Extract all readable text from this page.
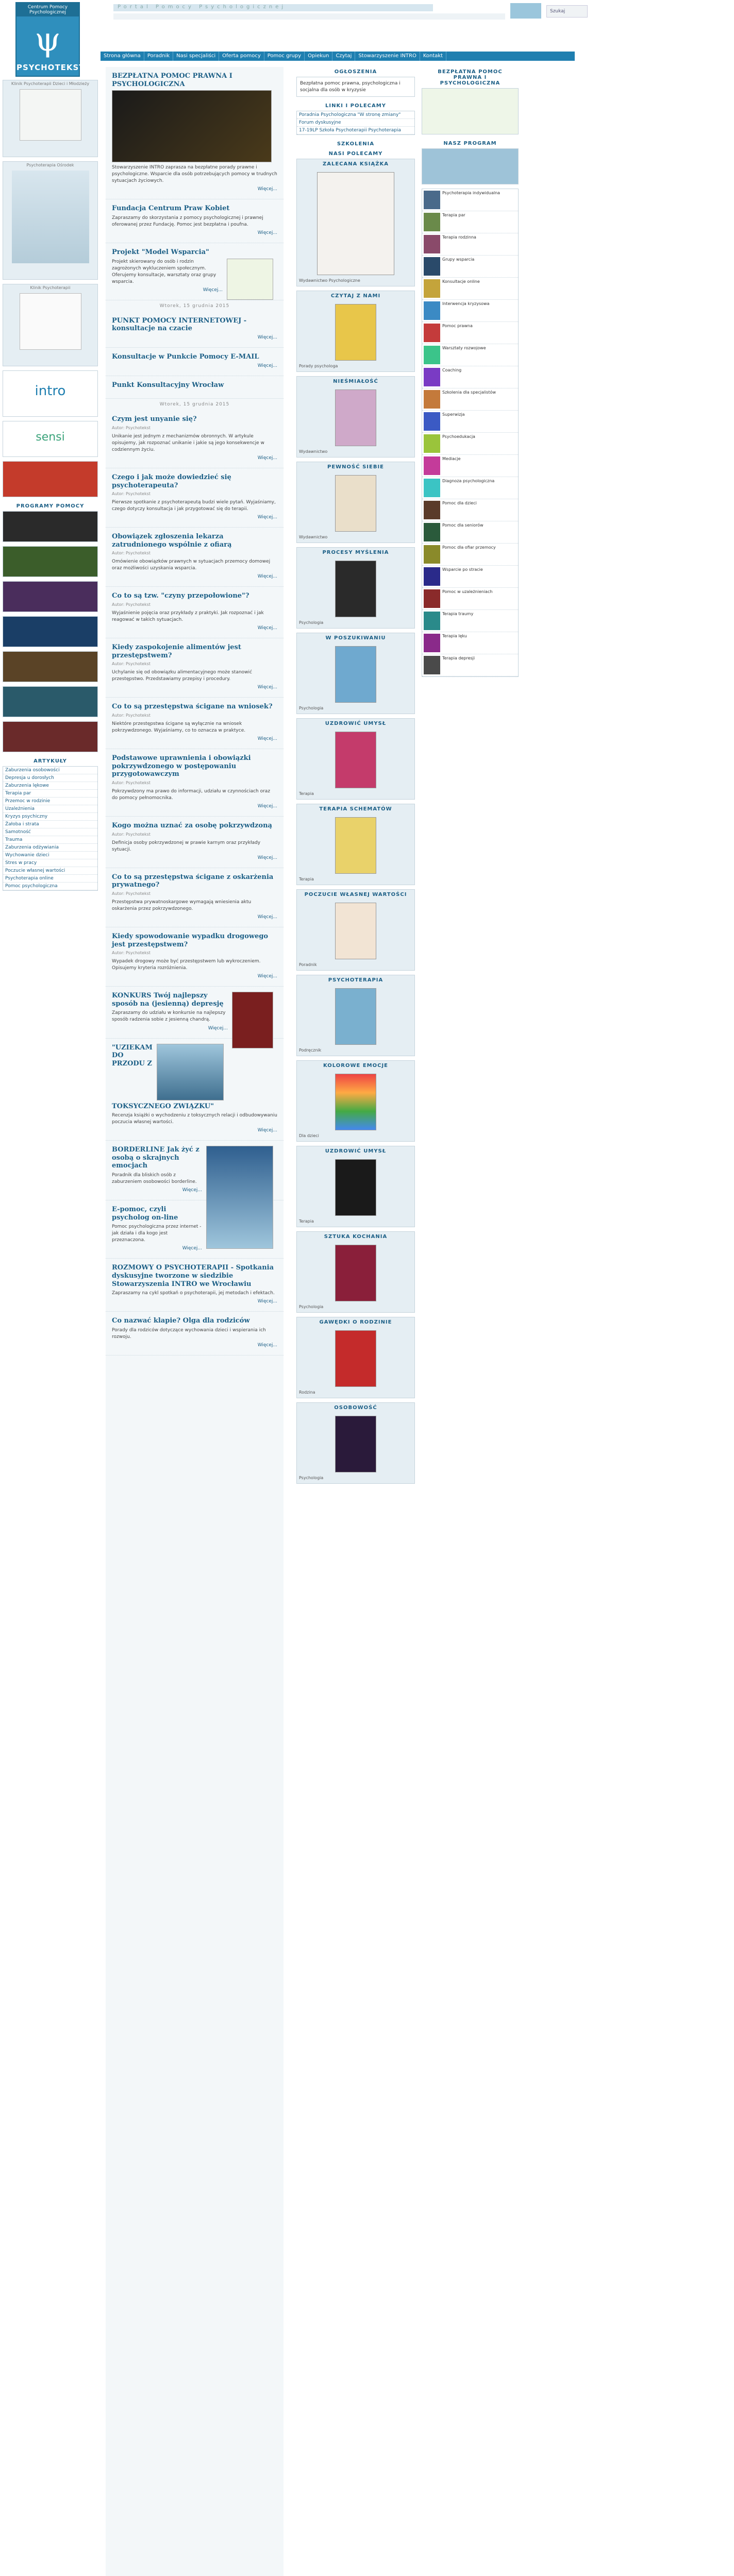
Centrum Pomocy Psychologicznej
ψ
PSYCHOTEKST
Portal Pomocy Psychologicznej
Szukaj
Strona główna	Poradnik	Nasi specjaliści	Oferta pomocy	Pomoc grupy	Opiekun	Czytaj	Stowarzyszenie INTRO	Kontakt
Klinik Psychoterapii Dzieci i Młodzieży
Psychoterapia Ośrodek
Klinik Psychoterapii
intro
sensi
PROGRAMY POMOCY
ARTYKUŁY
Zaburzenia osobowości
Depresja u dorosłych
Zaburzenia lękowe
Terapia par
Przemoc w rodzinie
Uzależnienia
Kryzys psychiczny
Żałoba i strata
Samotność
Trauma
Zaburzenia odżywiania
Wychowanie dzieci
Stres w pracy
Poczucie własnej wartości
Psychoterapia online
Pomoc psychologiczna
BEZPŁATNA POMOC PRAWNA I PSYCHOLOGICZNA
Stowarzyszenie INTRO zaprasza na bezpłatne porady prawne i psychologiczne. Wsparcie dla osób potrzebujących pomocy w trudnych sytuacjach życiowych.
Więcej...
Fundacja Centrum Praw Kobiet
Zapraszamy do skorzystania z pomocy psychologicznej i prawnej oferowanej przez Fundację. Pomoc jest bezpłatna i poufna.
Więcej...
Projekt "Model Wsparcia"
Projekt skierowany do osób i rodzin zagrożonych wykluczeniem społecznym. Oferujemy konsultacje, warsztaty oraz grupy wsparcia.
Więcej...
Wtorek, 15 grudnia 2015
PUNKT POMOCY INTERNETOWEJ - konsultacje na czacie
Więcej...
Konsultacje w Punkcie Pomocy E-MAIL
Więcej...
Punkt Konsultacyjny Wrocław
Wtorek, 15 grudnia 2015
Czym jest unyanie się?
Autor: Psychotekst
Unikanie jest jednym z mechanizmów obronnych. W artykule opisujemy, jak rozpoznać unikanie i jakie są jego konsekwencje w codziennym życiu.
Więcej...
Czego i jak może dowiedzieć się psychoterapeuta?
Autor: Psychotekst
Pierwsze spotkanie z psychoterapeutą budzi wiele pytań. Wyjaśniamy, czego dotyczy konsultacja i jak przygotować się do terapii.
Więcej...
Obowiązek zgłoszenia lekarza zatrudnionego wspólnie z ofiarą
Autor: Psychotekst
Omówienie obowiązków prawnych w sytuacjach przemocy domowej oraz możliwości uzyskania wsparcia.
Więcej...
Co to są tzw. "czyny przepołowione"?
Autor: Psychotekst
Wyjaśnienie pojęcia oraz przykłady z praktyki. Jak rozpoznać i jak reagować w takich sytuacjach.
Więcej...
Kiedy zaspokojenie alimentów jest przestępstwem?
Autor: Psychotekst
Uchylanie się od obowiązku alimentacyjnego może stanowić przestępstwo. Przedstawiamy przepisy i procedury.
Więcej...
Co to są przestępstwa ścigane na wniosek?
Autor: Psychotekst
Niektóre przestępstwa ścigane są wyłącznie na wniosek pokrzywdzonego. Wyjaśniamy, co to oznacza w praktyce.
Więcej...
Podstawowe uprawnienia i obowiązki pokrzywdzonego w postępowaniu przygotowawczym
Autor: Psychotekst
Pokrzywdzony ma prawo do informacji, udziału w czynnościach oraz do pomocy pełnomocnika.
Więcej...
Kogo można uznać za osobę pokrzywdzoną
Autor: Psychotekst
Definicja osoby pokrzywdzonej w prawie karnym oraz przykłady sytuacji.
Więcej...
Co to są przestępstwa ścigane z oskarżenia prywatnego?
Autor: Psychotekst
Przestępstwa prywatnoskargowe wymagają wniesienia aktu oskarżenia przez pokrzywdzonego.
Więcej...
Kiedy spowodowanie wypadku drogowego jest przestępstwem?
Autor: Psychotekst
Wypadek drogowy może być przestępstwem lub wykroczeniem. Opisujemy kryteria rozróżnienia.
Więcej...
KONKURS Twój najlepszy sposób na (jesienną) depresję
Zapraszamy do udziału w konkursie na najlepszy sposób radzenia sobie z jesienną chandrą.
Więcej...
"UZIEKAM DO PRZODU Z TOKSYCZNEGO ZWIĄZKU"
Recenzja książki o wychodzeniu z toksycznych relacji i odbudowywaniu poczucia własnej wartości.
Więcej...
BORDERLINE Jak żyć z osobą o skrajnych emocjach
Poradnik dla bliskich osób z zaburzeniem osobowości borderline.
Więcej...
E-pomoc, czyli psycholog on-line
Pomoc psychologiczna przez internet - jak działa i dla kogo jest przeznaczona.
Więcej...
ROZMOWY O PSYCHOTERAPII - Spotkania dyskusyjne tworzone w siedzibie Stowarzyszenia INTRO we Wrocławiu
Zapraszamy na cykl spotkań o psychoterapii, jej metodach i efektach.
Więcej...
Co nazwać klapie? Olga dla rodziców
Porady dla rodziców dotyczące wychowania dzieci i wspierania ich rozwoju.
Więcej...
OGŁOSZENIA
Bezpłatna pomoc prawna, psychologiczna i socjalna dla osób w kryzysie
LINKI I POLECAMY
Poradnia Psychologiczna "W stronę zmiany"
Forum dyskusyjne
17-19LP Szkoła Psychoterapii Psychoterapia
SZKOLENIA
NASI POLECAMY
ZALECANA KSIĄŻKA
Wydawnictwo Psychologiczne
CZYTAJ Z NAMI
Porady psychologa
NIEŚMIAŁOŚĆ
Wydawnictwo
PEWNOŚĆ SIEBIE
Wydawnictwo
PROCESY MYŚLENIA
Psychologia
W POSZUKIWANIU
Psychologia
UZDROWIĆ UMYSŁ
Terapia
TERAPIA SCHEMATÓW
Terapia
POCZUCIE WŁASNEJ WARTOŚCI
Poradnik
PSYCHOTERAPIA
Podręcznik
KOLOROWE EMOCJE
Dla dzieci
UZDROWIĆ UMYSŁ
Terapia
SZTUKA KOCHANIA
Psychologia
GAWĘDKI O RODZINIE
Rodzina
OSOBOWOŚĆ
Psychologia
BEZPŁATNA POMOC PRAWNA I PSYCHOLOGICZNA
NASZ PROGRAM
Psychoterapia indywidualna
Terapia par
Terapia rodzinna
Grupy wsparcia
Konsultacje online
Interwencja kryzysowa
Pomoc prawna
Warsztaty rozwojowe
Coaching
Szkolenia dla specjalistów
Superwizja
Psychoedukacja
Mediacje
Diagnoza psychologiczna
Pomoc dla dzieci
Pomoc dla seniorów
Pomoc dla ofiar przemocy
Wsparcie po stracie
Pomoc w uzależnieniach
Terapia traumy
Terapia lęku
Terapia depresji
